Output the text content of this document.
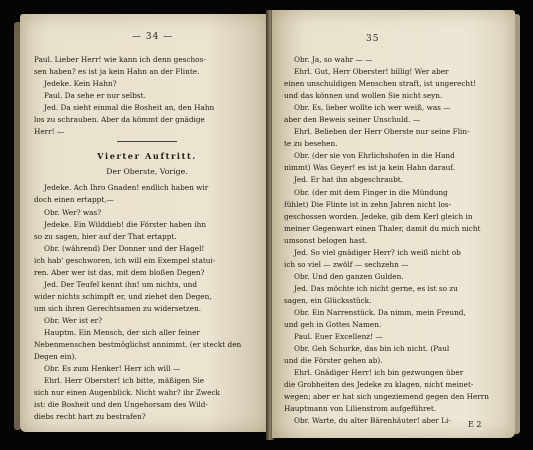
— 34 —
Paul. Lieber Herr! wie kann ich denn geschos-
sen haben? es ist ja kein Hahn an der Flinte.
Jedeke. Kein Hahn?
Paul. Da sehe er nur selbst.
Jed. Da sieht einmal die Bosheit an, den Hahn
los zu schrauben. Aber da kömmt der gnädige
Herr! —
Vierter Auftritt.
Der Oberste, Vorige.
Jedeke. Ach Ihro Gnaden! endlich haben wir
doch einen ertappt,—
Obr. Wer? was?
Jedeke. Ein Wilddieb! die Förster haben ihn
so zu sagen, hier auf der That ertappt.
Obr. (während) Der Donner und der Hagel!
ich hab' geschworen, ich will ein Exempel statui-
ren. Aber wer ist das, mit dem bloßen Degen?
Jed. Der Teufel kennt ihn! um nichts, und
wider nichts schimpft er, und ziehet den Degen,
um sich ihren Gerechtsamen zu widersetzen.
Obr. Wer ist er?
Hauptm. Ein Mensch, der sich aller feiner
Nebenmenschen bestmöglichst annimmt. (er steckt den
Degen ein).
Obr. Es zum Henker! Herr ich will —
Ehrl. Herr Oberster! ich bitte, mäßigen Sie
sich nur einen Augenblick. Nicht wahr? ihr Zweck
ist: die Bosheit und den Ungehorsam des Wild-
diebs recht hart zu bestrafen?
35
Obr. Ja, so wahr — —
Ehrl. Gut, Herr Oberster! billig! Wer aber
einen unschuldigen Menschen straft, ist ungerecht!
und das können und wollen Sie nicht seyn.
Obr. Es, lieber wollte ich wer weiß, was —
aber den Beweis seiner Unschuld. —
Ehrl. Belieben der Herr Oberste nur seine Flin-
te zu besehen.
Obr. (der sie von Ehrlichshofen in die Hand
nimmt) Was Geyer! es ist ja kein Hahn darauf.
Jed. Er hat ihn abgeschraubt.
Obr. (der mit dem Finger in die Mündung
fühlet) Die Flinte ist in zehn Jahren nicht los-
geschossen worden. Jedeke, gib dem Kerl gleich in
meiner Gegenwart einen Thaler, damit du mich nicht
umsonst belogen hast.
Jed. So viel gnädiger Herr? ich weiß nicht ob
ich so viel — zwölf — sechzehn —
Obr. Und den ganzen Gulden.
Jed. Das möchte ich nicht gerne, es ist so zu
sagen, ein Glücksstück.
Obr. Ein Narrenstück. Da nimm, mein Freund,
und geh in Gottes Namen.
Paul. Euer Excellenz! —
Obr. Geh Schurke, das bin ich nicht. (Paul
und die Förster gehen ab).
Ehrl. Gnädiger Herr! ich bin gezwungen über
die Grobheiten des Jedeke zu klagen, nicht meinet-
wegen; aber er hat sich ungeziemend gegen den Herrn
Hauptmann von Lilienstrom aufgeführet.
Obr. Warte, du alter Bärenhäuter! aber Li-	E 2
